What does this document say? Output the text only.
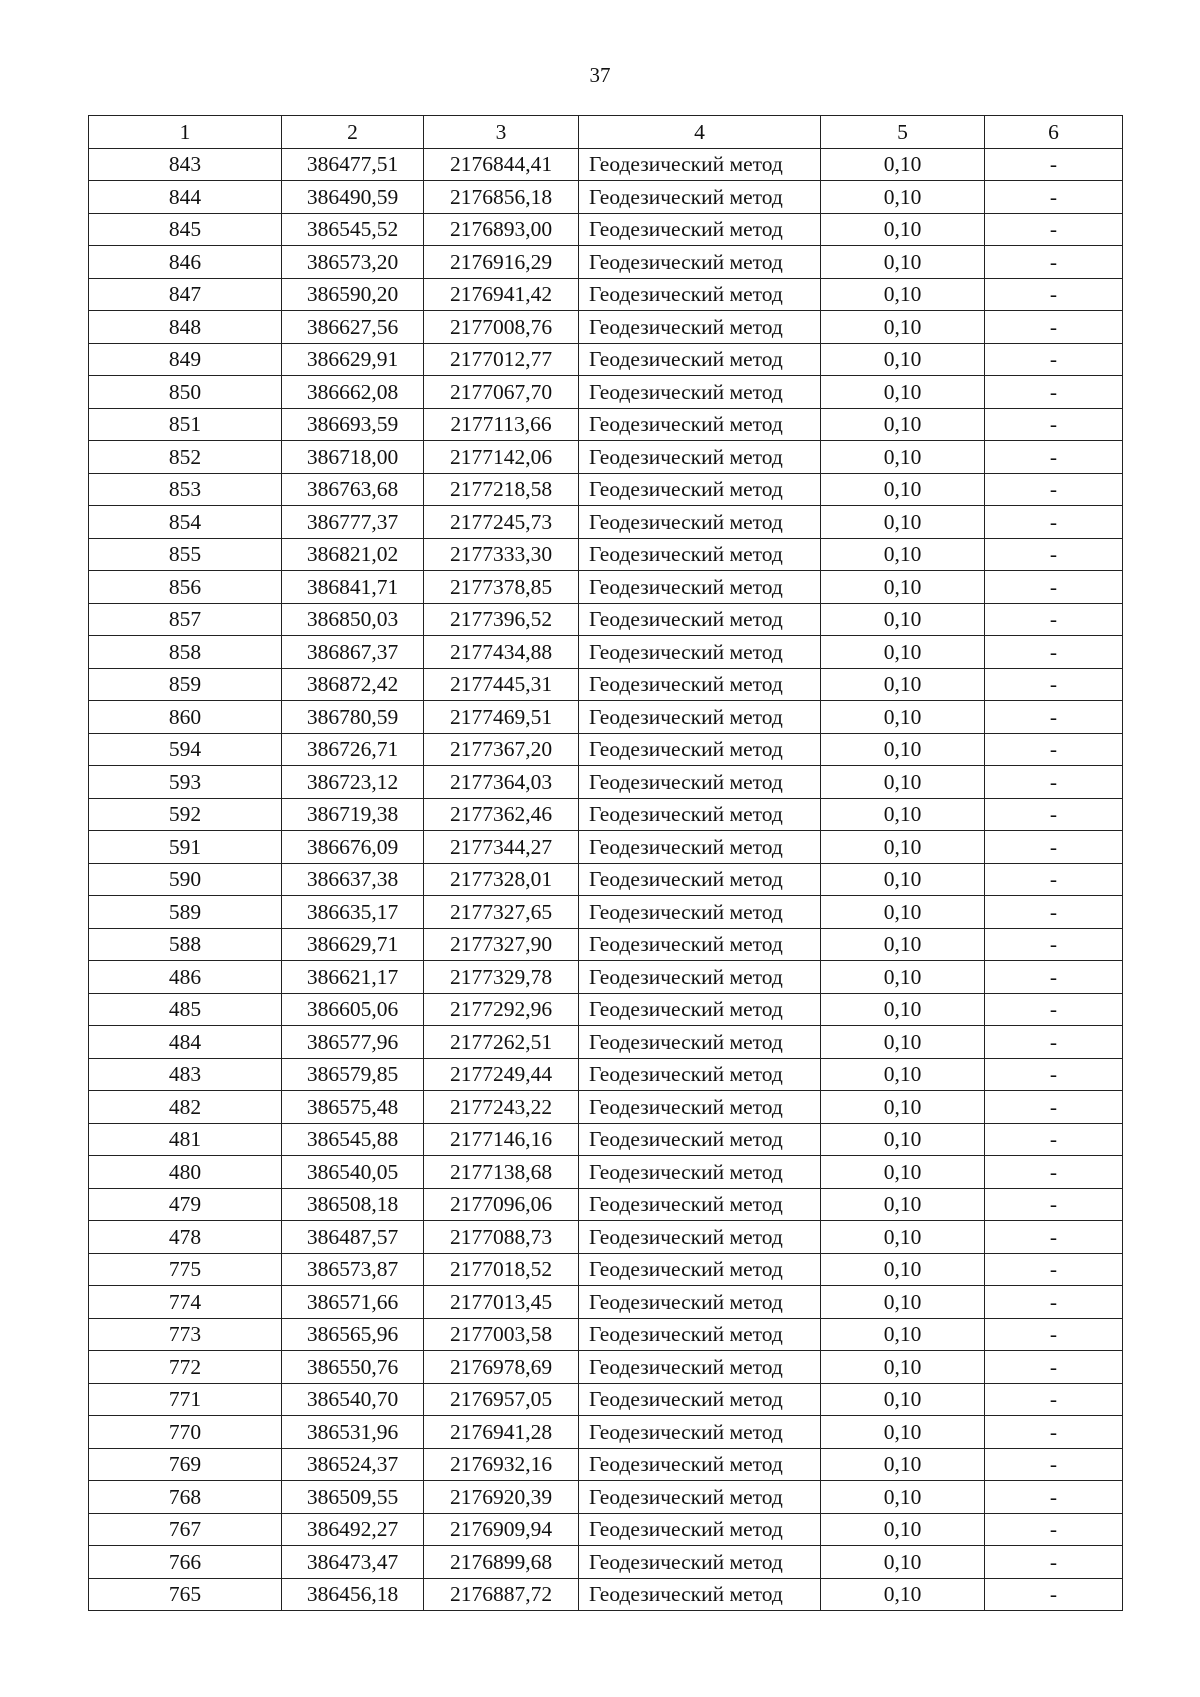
37
1	2	3	4	5	6
843	386477,51	2176844,41	Геодезический метод	0,10	-
844	386490,59	2176856,18	Геодезический метод	0,10	-
845	386545,52	2176893,00	Геодезический метод	0,10	-
846	386573,20	2176916,29	Геодезический метод	0,10	-
847	386590,20	2176941,42	Геодезический метод	0,10	-
848	386627,56	2177008,76	Геодезический метод	0,10	-
849	386629,91	2177012,77	Геодезический метод	0,10	-
850	386662,08	2177067,70	Геодезический метод	0,10	-
851	386693,59	2177113,66	Геодезический метод	0,10	-
852	386718,00	2177142,06	Геодезический метод	0,10	-
853	386763,68	2177218,58	Геодезический метод	0,10	-
854	386777,37	2177245,73	Геодезический метод	0,10	-
855	386821,02	2177333,30	Геодезический метод	0,10	-
856	386841,71	2177378,85	Геодезический метод	0,10	-
857	386850,03	2177396,52	Геодезический метод	0,10	-
858	386867,37	2177434,88	Геодезический метод	0,10	-
859	386872,42	2177445,31	Геодезический метод	0,10	-
860	386780,59	2177469,51	Геодезический метод	0,10	-
594	386726,71	2177367,20	Геодезический метод	0,10	-
593	386723,12	2177364,03	Геодезический метод	0,10	-
592	386719,38	2177362,46	Геодезический метод	0,10	-
591	386676,09	2177344,27	Геодезический метод	0,10	-
590	386637,38	2177328,01	Геодезический метод	0,10	-
589	386635,17	2177327,65	Геодезический метод	0,10	-
588	386629,71	2177327,90	Геодезический метод	0,10	-
486	386621,17	2177329,78	Геодезический метод	0,10	-
485	386605,06	2177292,96	Геодезический метод	0,10	-
484	386577,96	2177262,51	Геодезический метод	0,10	-
483	386579,85	2177249,44	Геодезический метод	0,10	-
482	386575,48	2177243,22	Геодезический метод	0,10	-
481	386545,88	2177146,16	Геодезический метод	0,10	-
480	386540,05	2177138,68	Геодезический метод	0,10	-
479	386508,18	2177096,06	Геодезический метод	0,10	-
478	386487,57	2177088,73	Геодезический метод	0,10	-
775	386573,87	2177018,52	Геодезический метод	0,10	-
774	386571,66	2177013,45	Геодезический метод	0,10	-
773	386565,96	2177003,58	Геодезический метод	0,10	-
772	386550,76	2176978,69	Геодезический метод	0,10	-
771	386540,70	2176957,05	Геодезический метод	0,10	-
770	386531,96	2176941,28	Геодезический метод	0,10	-
769	386524,37	2176932,16	Геодезический метод	0,10	-
768	386509,55	2176920,39	Геодезический метод	0,10	-
767	386492,27	2176909,94	Геодезический метод	0,10	-
766	386473,47	2176899,68	Геодезический метод	0,10	-
765	386456,18	2176887,72	Геодезический метод	0,10	-
